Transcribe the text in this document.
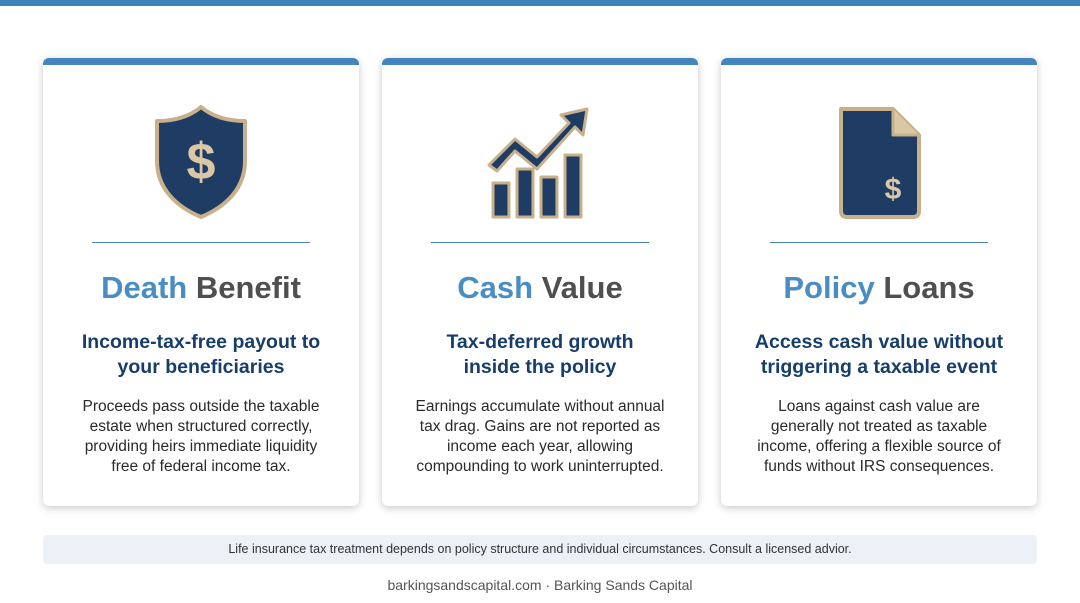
$
Death Benefit
Income-tax-free payout to
your beneficiaries
Proceeds pass outside the taxable
estate when structured correctly,
providing heirs immediate liquidity
free of federal income tax.
Cash Value
Tax-deferred growth
inside the policy
Earnings accumulate without annual
tax drag. Gains are not reported as
income each year, allowing
compounding to work uninterrupted.
$
Policy Loans
Access cash value without
triggering a taxable event
Loans against cash value are
generally not treated as taxable
income, offering a flexible source of
funds without IRS consequences.
Life insurance tax treatment depends on policy structure and individual circumstances. Consult a licensed advior.
barkingsandscapital.com · Barking Sands Capital
